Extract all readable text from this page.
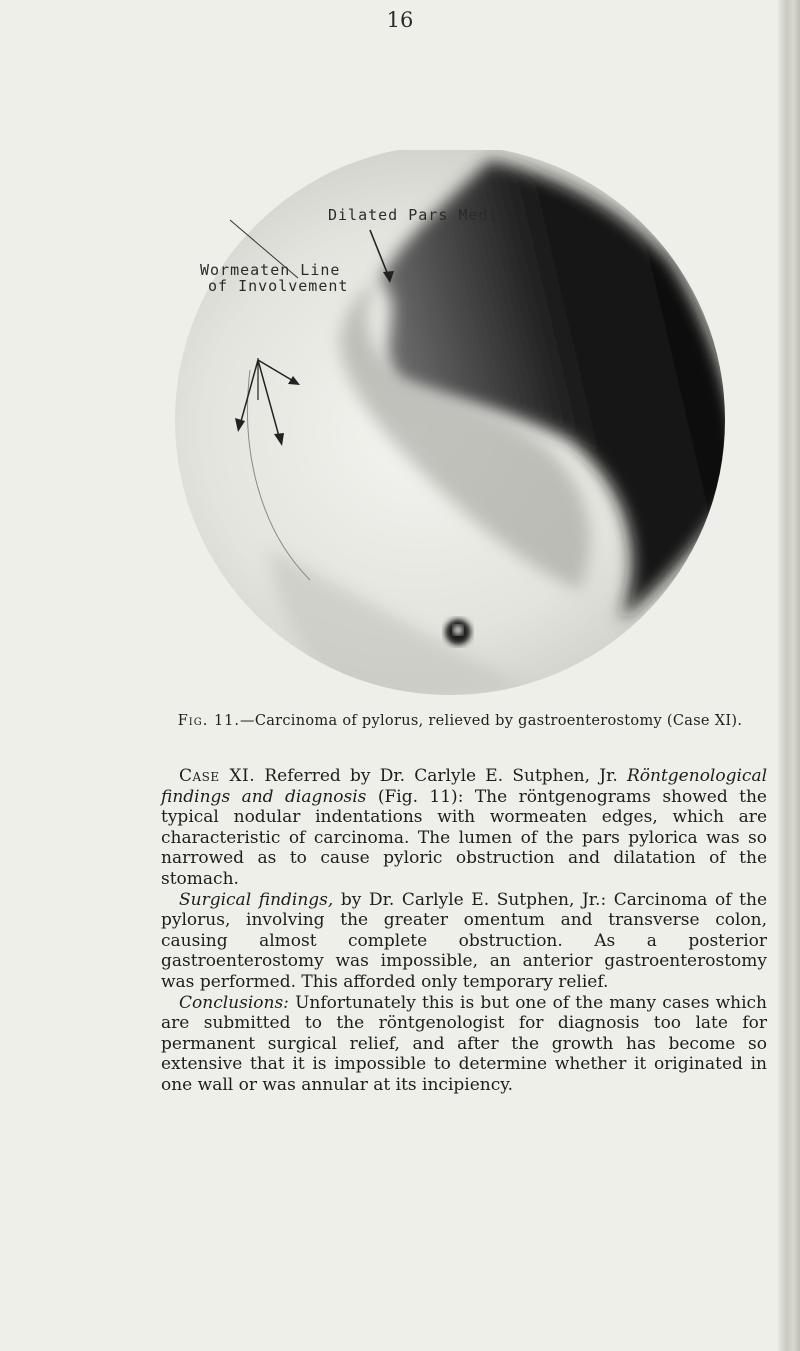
16
Dilated Pars Media
Wormeaten Line
of Involvement
Fig. 11.—Carcinoma of pylorus, relieved by gastroenterostomy (Case XI).

Case XI. Referred by Dr. Carlyle E. Sutphen, Jr. Röntgenological findings and diagnosis (Fig. 11): The röntgenograms showed the typical nodular indentations with wormeaten edges, which are characteristic of carcinoma. The lumen of the pars pylorica was so narrowed as to cause pyloric obstruction and dilatation of the stomach.

Surgical findings, by Dr. Carlyle E. Sutphen, Jr.: Carcinoma of the pylorus, involving the greater omentum and transverse colon, causing almost complete obstruction. As a posterior gastroenterostomy was impossible, an anterior gastroenterostomy was performed. This afforded only temporary relief.

Conclusions: Unfortunately this is but one of the many cases which are submitted to the röntgenologist for diagnosis too late for permanent surgical relief, and after the growth has become so extensive that it is impossible to determine whether it originated in one wall or was annular at its incipiency.
